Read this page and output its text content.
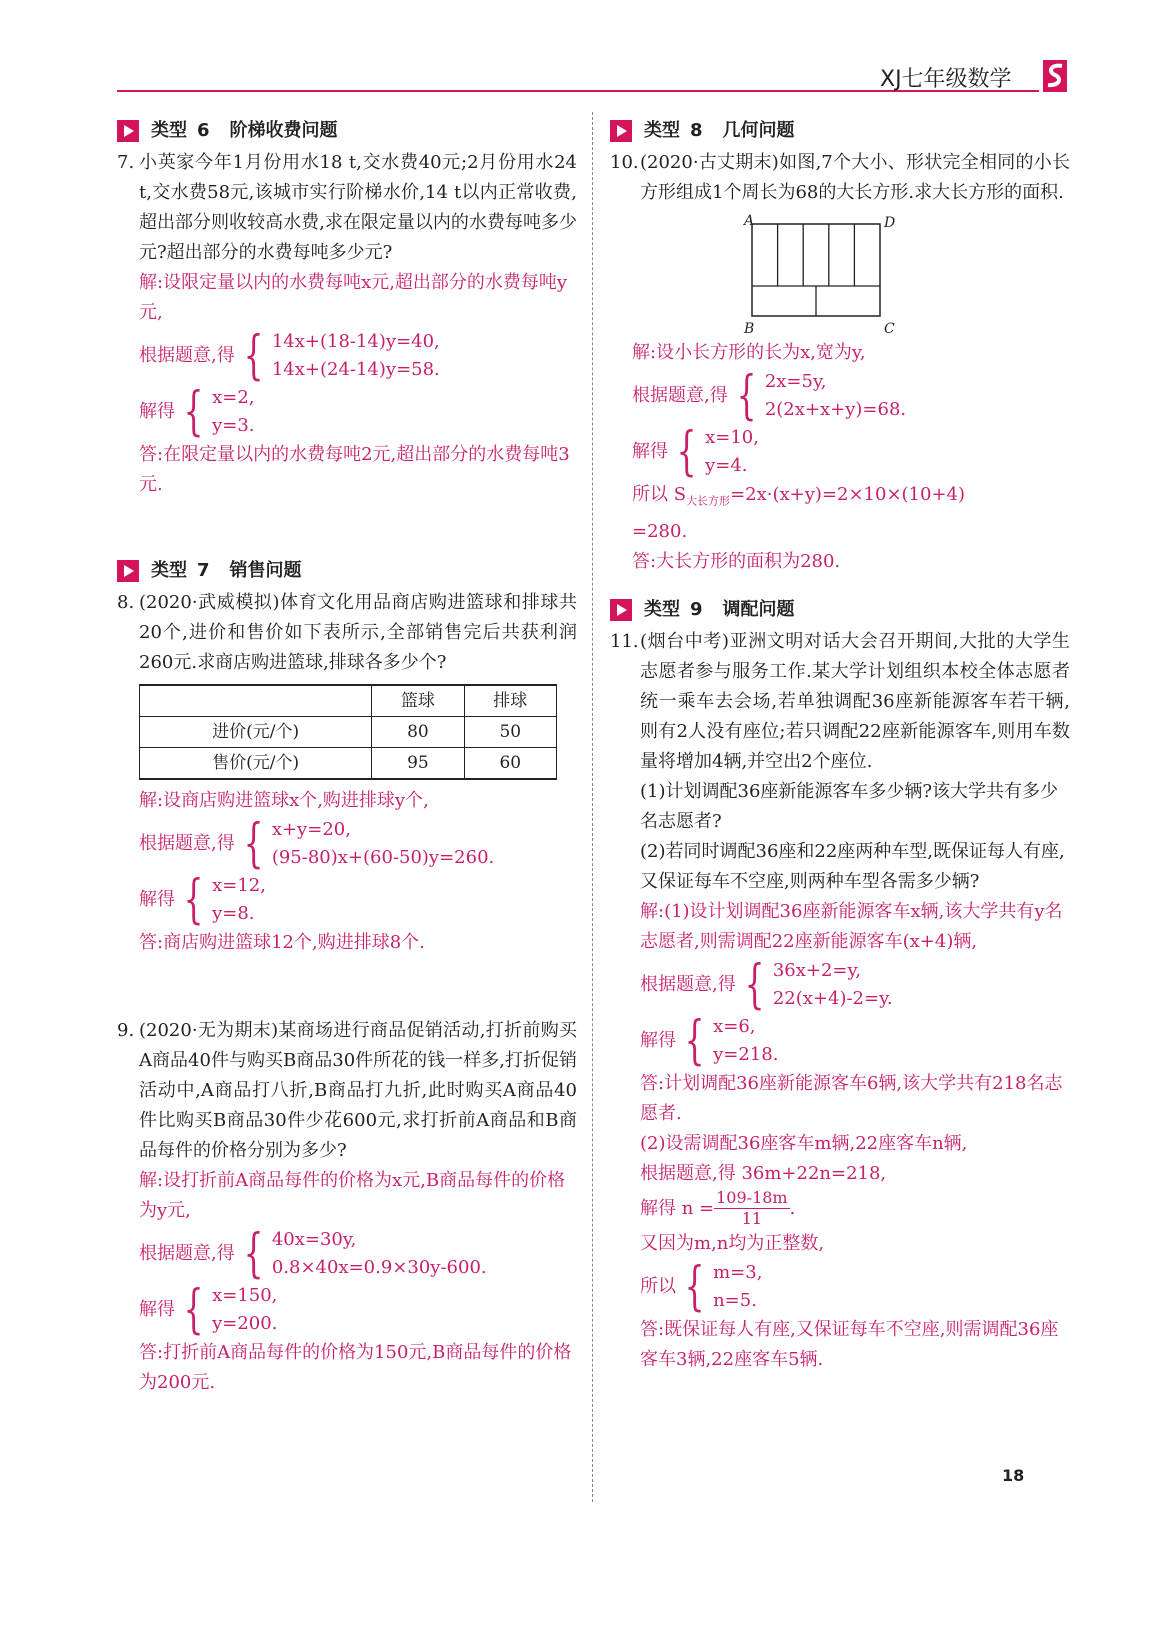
XJ七年级数学
类型 6 阶梯收费问题
7. 小英家今年1月份用水18 t,交水费40元;2月份用水24 t,交水费58元,该城市实行阶梯水价,14 t以内正常收费,超出部分则收较高水费,求在限定量以内的水费每吨多少元?超出部分的水费每吨多少元?
解:设限定量以内的水费每吨x元,超出部分的水费每吨y元,
根据题意,得 { 14x+(18-14)y=40,
14x+(24-14)y=58.
解得 { x=2,
y=3.
答:在限定量以内的水费每吨2元,超出部分的水费每吨3元.
类型 7 销售问题
8. (2020·武威模拟)体育文化用品商店购进篮球和排球共20个,进价和售价如下表所示,全部销售完后共获利润260元.求商店购进篮球,排球各多少个?
	篮球	排球
进价(元/个)	80	50
售价(元/个)	95	60
解:设商店购进篮球x个,购进排球y个,
根据题意,得 { x+y=20,
(95-80)x+(60-50)y=260.
解得 { x=12,
y=8.
答:商店购进篮球12个,购进排球8个.
9. (2020·无为期末)某商场进行商品促销活动,打折前购买A商品40件与购买B商品30件所花的钱一样多,打折促销活动中,A商品打八折,B商品打九折,此时购买A商品40件比购买B商品30件少花600元,求打折前A商品和B商品每件的价格分别为多少?
解:设打折前A商品每件的价格为x元,B商品每件的价格为y元,
根据题意,得 { 40x=30y,
0.8×40x=0.9×30y-600.
解得 { x=150,
y=200.
答:打折前A商品每件的价格为150元,B商品每件的价格为200元.
类型 8 几何问题
10. (2020·古丈期末)如图,7个大小、形状完全相同的小长方形组成1个周长为68的大长方形.求大长方形的面积.
A	D
B	C
解:设小长方形的长为x,宽为y,
根据题意,得 { 2x=5y,
2(2x+x+y)=68.
解得 { x=10,
y=4.
所以 $S_{大长方形}=2x\cdot(x+y)=2\times 10\times(10+4)$
=280.
答:大长方形的面积为280.
类型 9 调配问题
11. (烟台中考)亚洲文明对话大会召开期间,大批的大学生志愿者参与服务工作.某大学计划组织本校全体志愿者统一乘车去会场,若单独调配36座新能源客车若干辆,则有2人没有座位;若只调配22座新能源客车,则用车数量将增加4辆,并空出2个座位.
(1)计划调配36座新能源客车多少辆?该大学共有多少名志愿者?
(2)若同时调配36座和22座两种车型,既保证每人有座,又保证每车不空座,则两种车型各需多少辆?
解:(1)设计划调配36座新能源客车x辆,该大学共有y名志愿者,则需调配22座新能源客车(x+4)辆,
根据题意,得 { 36x+2=y,
22(x+4)-2=y.
解得 { x=6,
y=218.
答:计划调配36座新能源客车6辆,该大学共有218名志愿者.
(2)设需调配36座客车m辆,22座客车n辆,
根据题意,得 36m+22n=218,
解得 $n = \frac{109-18m}{11}$ .
又因为m,n均为正整数,
所以 { m=3,
n=5.
答:既保证每人有座,又保证每车不空座,则需调配36座客车3辆,22座客车5辆.
18
